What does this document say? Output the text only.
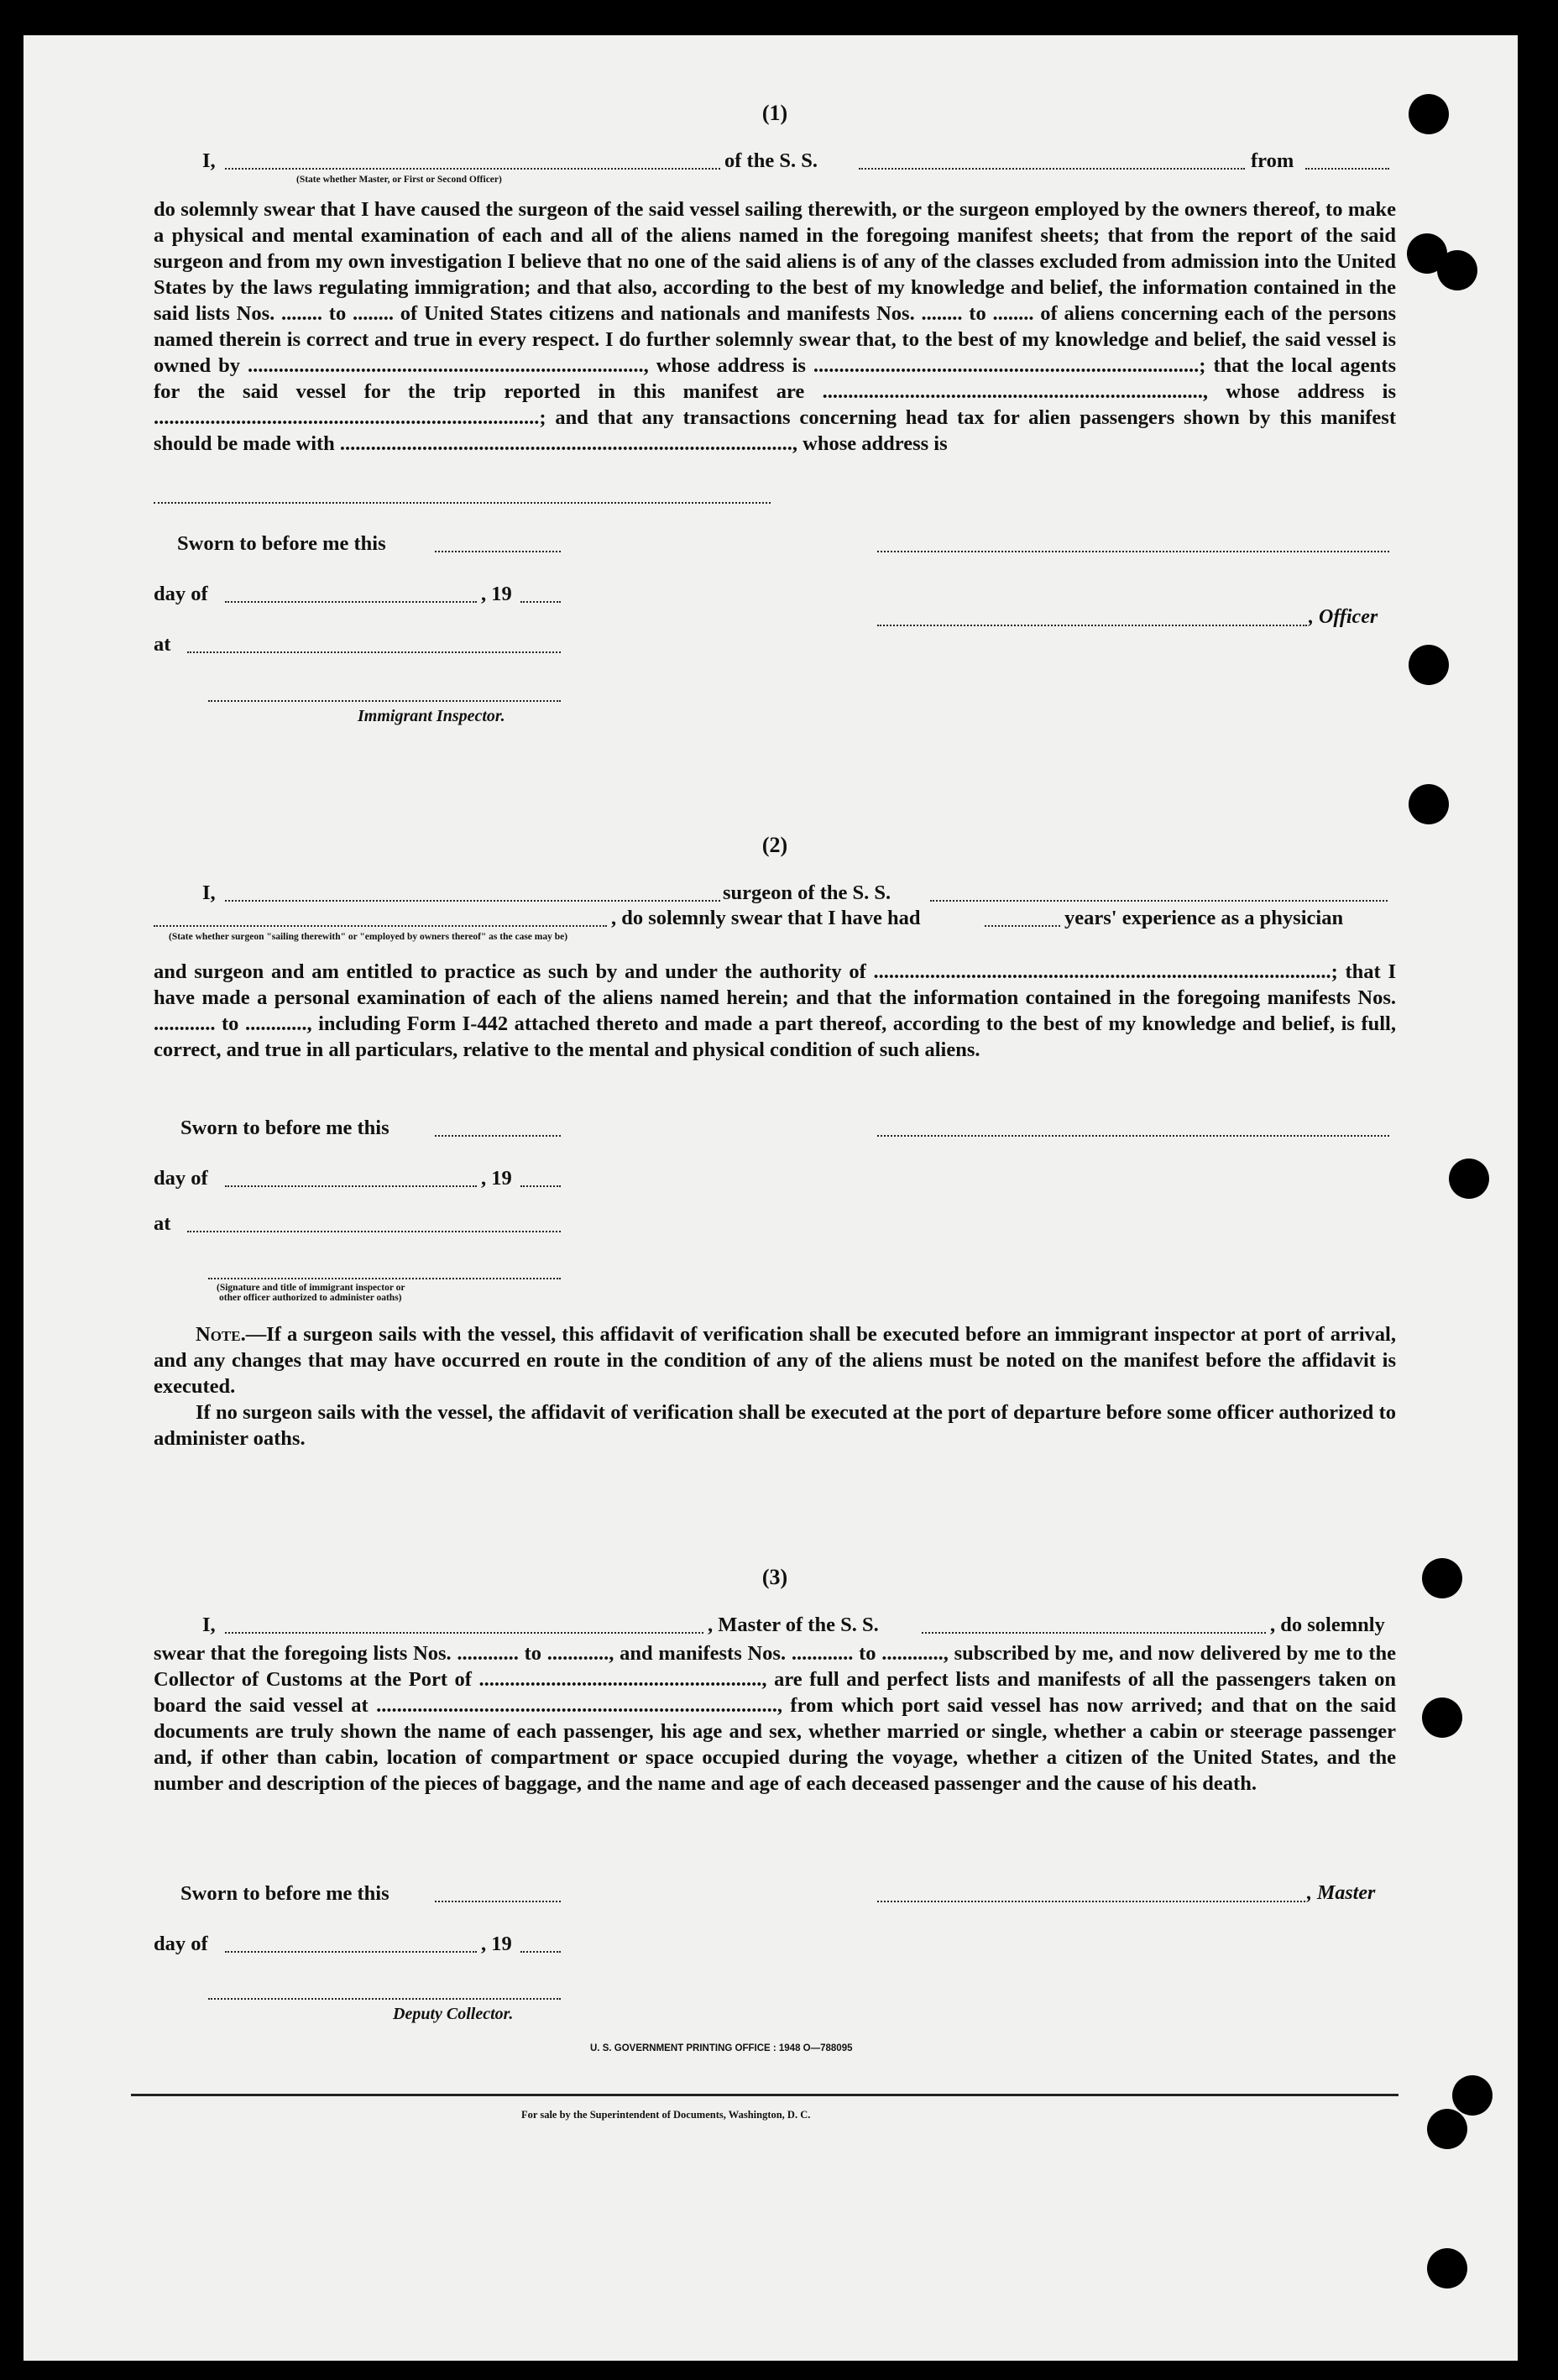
(1)
I,	of the S. S.	from
(State whether Master, or First or Second Officer)
do solemnly swear that I have caused the surgeon of the said vessel sailing therewith, or the surgeon employed by the owners thereof, to make a physical and mental examination of each and all of the aliens named in the foregoing manifest sheets; that from the report of the said surgeon and from my own investigation I believe that no one of the said aliens is of any of the classes excluded from admission into the United States by the laws regulating immigration; and that also, according to the best of my knowledge and belief, the information contained in the said lists Nos. ........ to ........ of United States citizens and nationals and manifests Nos. ........ to ........ of aliens concerning each of the persons named therein is correct and true in every respect. I do further solemnly swear that, to the best of my knowledge and belief, the said vessel is owned by ............................................................................., whose address is ...........................................................................; that the local agents for the said vessel for the trip reported in this manifest are .........................................................................., whose address is ...........................................................................; and that any transactions concerning head tax for alien passengers shown by this manifest should be made with ........................................................................................, whose address is
Sworn to before me this
day of	, 19
, Officer
at
Immigrant Inspector.
(2)
I,	surgeon of the S. S.
, do solemnly swear that I have had	years' experience as a physician
(State whether surgeon "sailing therewith" or "employed by owners thereof" as the case may be)
and surgeon and am entitled to practice as such by and under the authority of .........................................................................................; that I have made a personal examination of each of the aliens named herein; and that the information contained in the foregoing manifests Nos. ............ to ............, including Form I-442 attached thereto and made a part thereof, according to the best of my knowledge and belief, is full, correct, and true in all particulars, relative to the mental and physical condition of such aliens.
Sworn to before me this
day of	, 19
at
(Signature and title of immigrant inspector or
other officer authorized to administer oaths)
Note.—If a surgeon sails with the vessel, this affidavit of verification shall be executed before an immigrant inspector at port of arrival, and any changes that may have occurred en route in the condition of any of the aliens must be noted on the manifest before the affidavit is executed.
If no surgeon sails with the vessel, the affidavit of verification shall be executed at the port of departure before some officer authorized to administer oaths.
(3)
I,	, Master of the S. S.	, do solemnly
swear that the foregoing lists Nos. ............ to ............, and manifests Nos. ............ to ............, subscribed by me, and now delivered by me to the Collector of Customs at the Port of ......................................................., are full and perfect lists and manifests of all the passengers taken on board the said vessel at .............................................................................., from which port said vessel has now arrived; and that on the said documents are truly shown the name of each passenger, his age and sex, whether married or single, whether a cabin or steerage passenger and, if other than cabin, location of compartment or space occupied during the voyage, whether a citizen of the United States, and the number and description of the pieces of baggage, and the name and age of each deceased passenger and the cause of his death.
Sworn to before me this	, Master
day of	, 19
Deputy Collector.
U. S. GOVERNMENT PRINTING OFFICE : 1948 O—788095
For sale by the Superintendent of Documents, Washington, D. C.
